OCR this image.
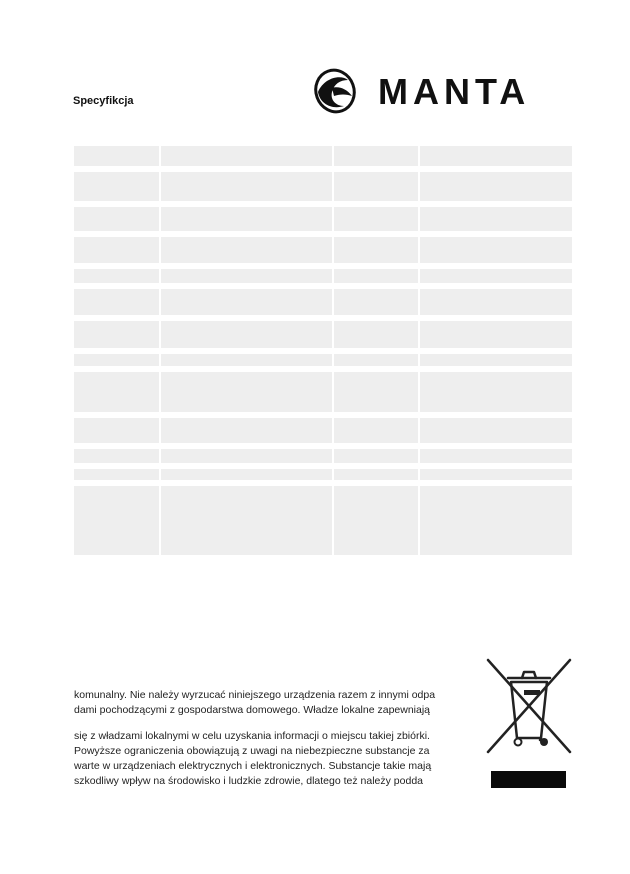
Specyfikcja	MANTA

komunalny. Nie należy wyrzucać niniejszego urządzenia razem z innymi odpa
dami pochodzącymi z gospodarstwa domowego. Władze lokalne zapewniają
się z władzami lokalnymi w celu uzyskania informacji o miejscu takiej zbiórki.
Powyższe ograniczenia obowiązują z uwagi na niebezpieczne substancje za
warte w urządzeniach elektrycznych i elektronicznych. Substancje takie mają
szkodliwy wpływ na środowisko i ludzkie zdrowie, dlatego też należy podda
